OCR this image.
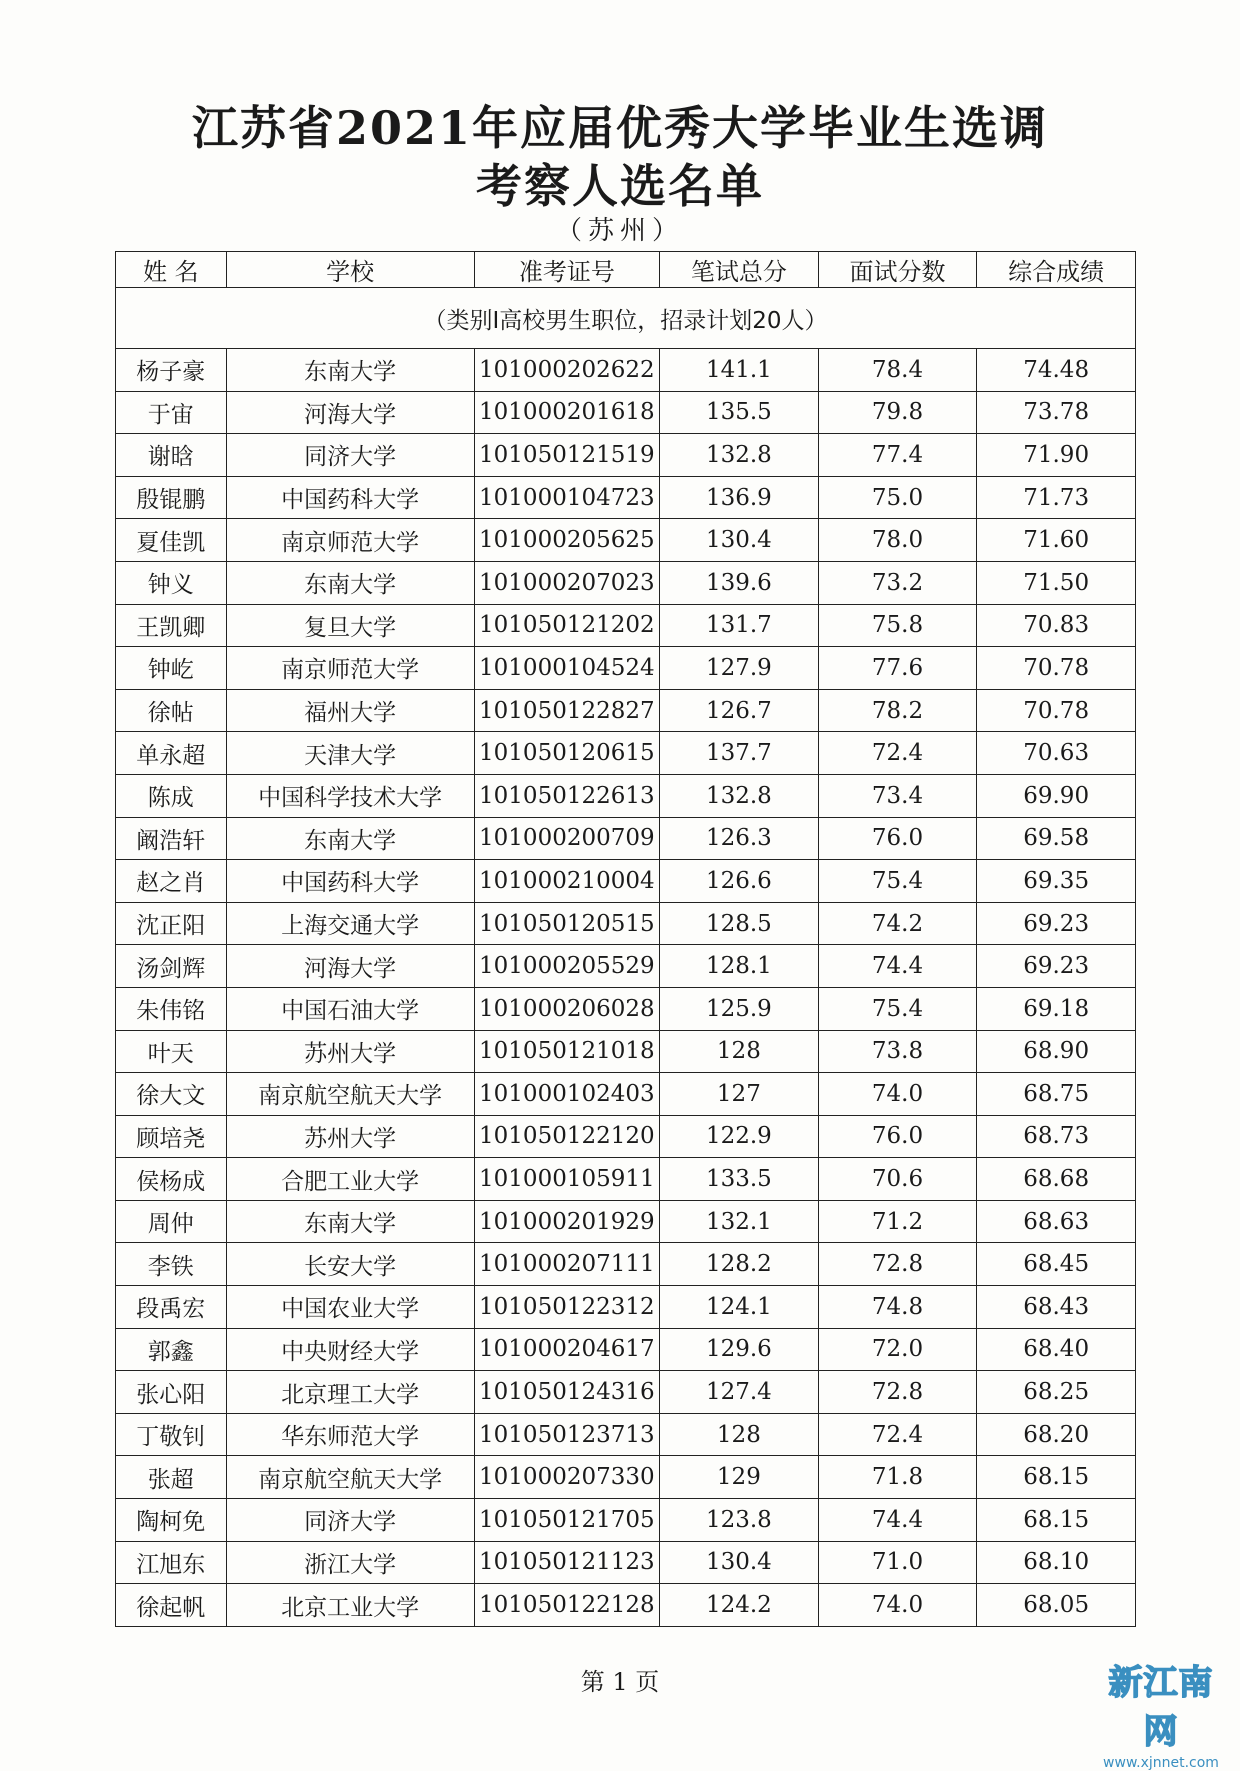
江苏省2021年应届优秀大学毕业生选调
考察人选名单
（苏州）
姓 名	学校	准考证号	笔试总分	面试分数	综合成绩
（类别I高校男生职位，招录计划20人）					
杨子豪	东南大学	101000202622	141.1	78.4	74.48
于宙	河海大学	101000201618	135.5	79.8	73.78
谢晗	同济大学	101050121519	132.8	77.4	71.90
殷锟鹏	中国药科大学	101000104723	136.9	75.0	71.73
夏佳凯	南京师范大学	101000205625	130.4	78.0	71.60
钟义	东南大学	101000207023	139.6	73.2	71.50
王凯卿	复旦大学	101050121202	131.7	75.8	70.83
钟屹	南京师范大学	101000104524	127.9	77.6	70.78
徐帖	福州大学	101050122827	126.7	78.2	70.78
单永超	天津大学	101050120615	137.7	72.4	70.63
陈成	中国科学技术大学	101050122613	132.8	73.4	69.90
阚浩轩	东南大学	101000200709	126.3	76.0	69.58
赵之肖	中国药科大学	101000210004	126.6	75.4	69.35
沈正阳	上海交通大学	101050120515	128.5	74.2	69.23
汤剑辉	河海大学	101000205529	128.1	74.4	69.23
朱伟铭	中国石油大学	101000206028	125.9	75.4	69.18
叶天	苏州大学	101050121018	128	73.8	68.90
徐大文	南京航空航天大学	101000102403	127	74.0	68.75
顾培尧	苏州大学	101050122120	122.9	76.0	68.73
侯杨成	合肥工业大学	101000105911	133.5	70.6	68.68
周仲	东南大学	101000201929	132.1	71.2	68.63
李铁	长安大学	101000207111	128.2	72.8	68.45
段禹宏	中国农业大学	101050122312	124.1	74.8	68.43
郭鑫	中央财经大学	101000204617	129.6	72.0	68.40
张心阳	北京理工大学	101050124316	127.4	72.8	68.25
丁敬钊	华东师范大学	101050123713	128	72.4	68.20
张超	南京航空航天大学	101000207330	129	71.8	68.15
陶柯免	同济大学	101050121705	123.8	74.4	68.15
江旭东	浙江大学	101050121123	130.4	71.0	68.10
徐起帆	北京工业大学	101050122128	124.2	74.0	68.05
第 1 页	新江南网
www.xjnnet.com
